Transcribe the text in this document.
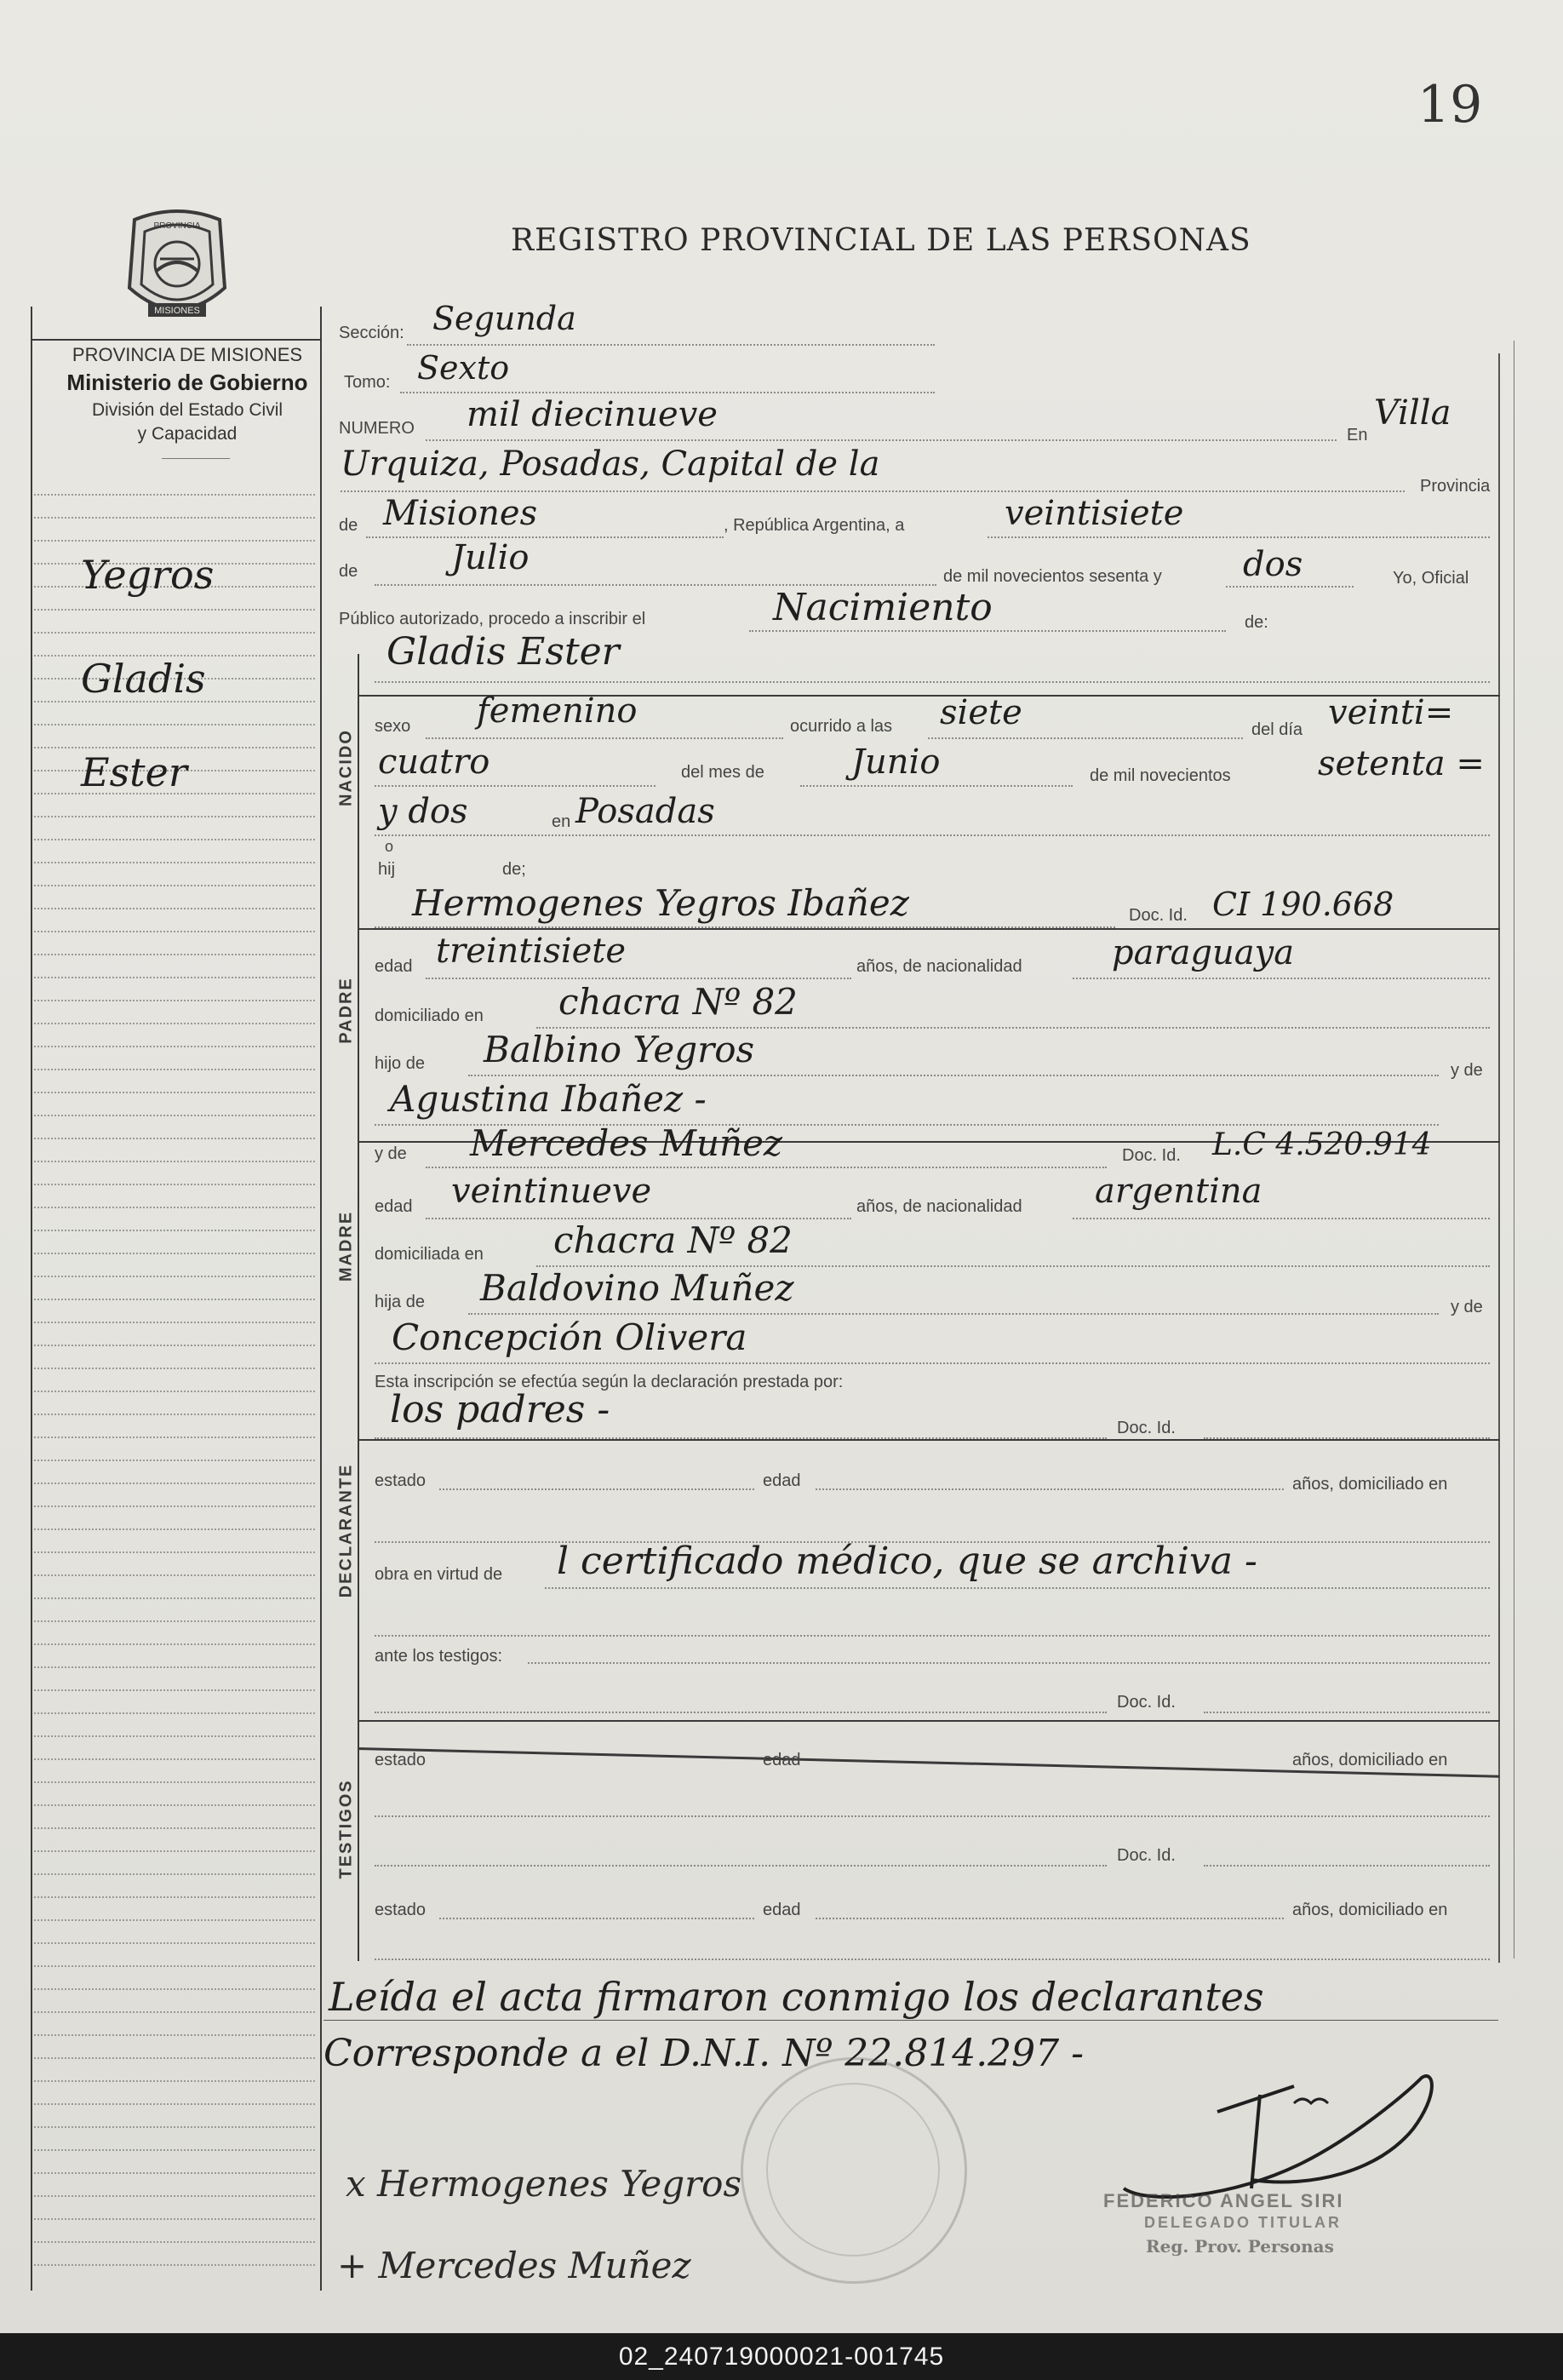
19
PROVINCIA
MISIONES
PROVINCIA DE MISIONES
Ministerio de Gobierno
División del Estado Civil
y Capacidad
REGISTRO PROVINCIAL DE LAS PERSONAS
Yegros
Gladis
Ester
Sección: Segunda
Tomo: Sexto
NUMERO mil diecinueve
En
Villa
Urquiza, Posadas, Capital de la
Provincia
de Misiones	, República Argentina, a	veintisiete
de	Julio	de mil novecientos sesenta y dos	Yo, Oficial
Público autorizado, procedo a inscribir el	Nacimiento	de:
Gladis Ester
NACIDO
sexo femenino	ocurrido a las siete	del día veinti=
cuatro	del mes de	Junio	de mil novecientos	setenta =
y dos	en Posadas
hij
o
de;
Hermogenes Yegros Ibañez	Doc. Id. CI 190.668
PADRE
edad treintisiete	años, de nacionalidad	paraguaya
domiciliado en chacra Nº 82
hijo de Balbino Yegros
Agustina Ibañez -
y de
y de Mercedes Muñez	Doc. Id. L.C 4.520.914
MADRE
edad veintinueve	años, de nacionalidad argentina
domiciliada en chacra Nº 82
hija de Baldovino Muñez	y de
Concepción Olivera
Esta inscripción se efectúa según la declaración prestada por:
los padres -	Doc. Id.
DECLARANTE estado	edad	años, domiciliado en
obra en virtud de l certificado médico, que se archiva -
ante los testigos:
Doc. Id.
TESTIGOS
estado	edad	años, domiciliado en
Doc. Id.
estado	edad	años, domiciliado en
Leída el acta firmaron conmigo los declarantes
Corresponde a el D.N.I. Nº 22.814.297 -
FEDERICO ANGEL SIRI
DELEGADO TITULAR
Reg. Prov. Personas
x Hermogenes Yegros
+ Mercedes Muñez
02_240719000021-001745
